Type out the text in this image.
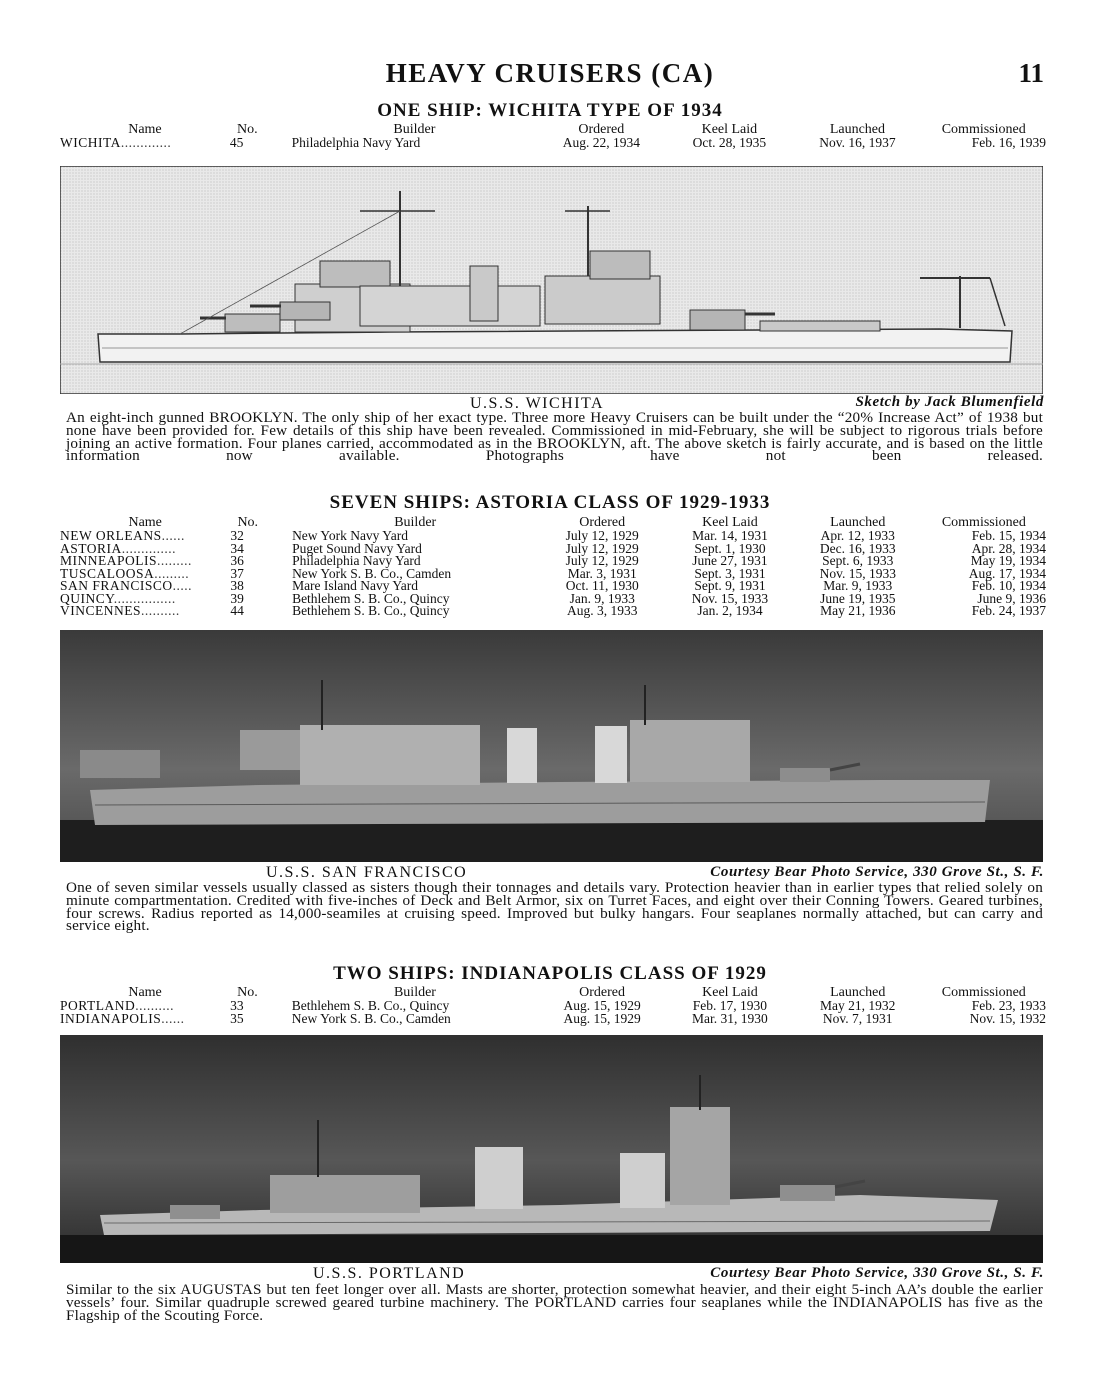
HEAVY CRUISERS (CA)	11
ONE SHIP: WICHITA TYPE OF 1934
Name	No.	Builder	Ordered	Keel Laid	Launched	Commissioned
WICHITA.............	45	Philadelphia Navy Yard	Aug. 22, 1934	Oct. 28, 1935	Nov. 16, 1937	Feb. 16, 1939
U.S.S. WICHITA	Sketch by Jack Blumenfield

An eight-inch gunned BROOKLYN. The only ship of her exact type. Three more Heavy Cruisers can be built under the “20% Increase Act” of 1938 but none have been provided for. Few details of this ship have been revealed. Commissioned in mid-February, she will be subject to rigorous trials before joining an active formation. Four planes carried, accommodated as in the BROOKLYN, aft. The above sketch is fairly accurate, and is based on the little information now available. Photographs have not been released.

SEVEN SHIPS: ASTORIA CLASS OF 1929-1933
Name	No.	Builder	Ordered	Keel Laid	Launched	Commissioned
NEW ORLEANS......	32	New York Navy Yard	July 12, 1929	Mar. 14, 1931	Apr. 12, 1933	Feb. 15, 1934
ASTORIA..............	34	Puget Sound Navy Yard	July 12, 1929	Sept. 1, 1930	Dec. 16, 1933	Apr. 28, 1934
MINNEAPOLIS.........	36	Philadelphia Navy Yard	July 12, 1929	June 27, 1931	Sept. 6, 1933	May 19, 1934
TUSCALOOSA.........	37	New York S. B. Co., Camden	Mar. 3, 1931	Sept. 3, 1931	Nov. 15, 1933	Aug. 17, 1934
SAN FRANCISCO.....	38	Mare Island Navy Yard	Oct. 11, 1930	Sept. 9, 1931	Mar. 9, 1933	Feb. 10, 1934
QUINCY................	39	Bethlehem S. B. Co., Quincy	Jan. 9, 1933	Nov. 15, 1933	June 19, 1935	June 9, 1936
VINCENNES..........	44	Bethlehem S. B. Co., Quincy	Aug. 3, 1933	Jan. 2, 1934	May 21, 1936	Feb. 24, 1937
U.S.S. SAN FRANCISCO	Courtesy Bear Photo Service, 330 Grove St., S. F.

One of seven similar vessels usually classed as sisters though their tonnages and details vary. Protection heavier than in earlier types that relied solely on minute compartmentation. Credited with five-inches of Deck and Belt Armor, six on Turret Faces, and eight over their Conning Towers. Geared turbines, four screws. Radius reported as 14,000-seamiles at cruising speed. Improved but bulky hangars. Four seaplanes normally attached, but can carry and service eight.

TWO SHIPS: INDIANAPOLIS CLASS OF 1929
Name	No.	Builder	Ordered	Keel Laid	Launched	Commissioned
PORTLAND..........	33	Bethlehem S. B. Co., Quincy	Aug. 15, 1929	Feb. 17, 1930	May 21, 1932	Feb. 23, 1933
INDIANAPOLIS......	35	New York S. B. Co., Camden	Aug. 15, 1929	Mar. 31, 1930	Nov. 7, 1931	Nov. 15, 1932
U.S.S. PORTLAND	Courtesy Bear Photo Service, 330 Grove St., S. F.

Similar to the six AUGUSTAS but ten feet longer over all. Masts are shorter, protection somewhat heavier, and their eight 5-inch AA’s double the earlier vessels’ four. Similar quadruple screwed geared turbine machinery. The PORTLAND carries four seaplanes while the INDIANAPOLIS has five as the Flagship of the Scouting Force.
